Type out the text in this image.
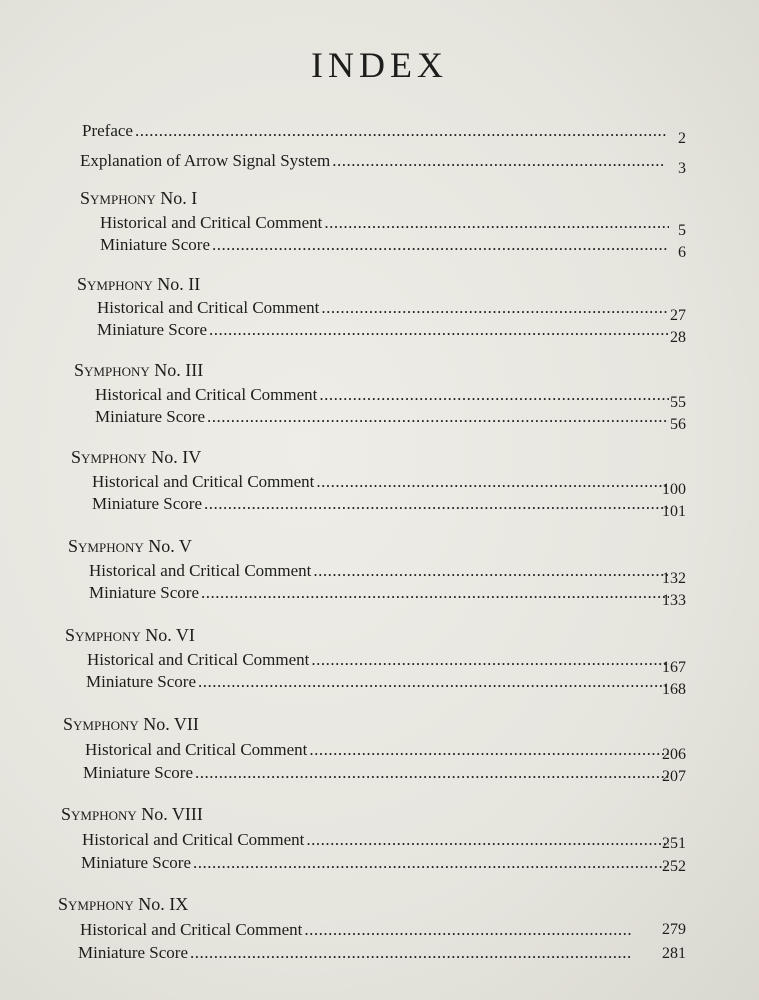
INDEX
Preface .....	2
Explanation of Arrow Signal System .....	3
Symphony No. I
Historical and Critical Comment .....	5
Miniature Score .....	6
Symphony No. II
Historical and Critical Comment .....	27
Miniature Score .....	28
Symphony No. III
Historical and Critical Comment .....	55
Miniature Score .....	56
Symphony No. IV
Historical and Critical Comment .....	100
Miniature Score .....	101
Symphony No. V
Historical and Critical Comment .....	132
Miniature Score .....	133
Symphony No. VI
Historical and Critical Comment .....	167
Miniature Score .....	168
Symphony No. VII
Historical and Critical Comment .....	206
Miniature Score .....	207
Symphony No. VIII
Historical and Critical Comment .....	251
Miniature Score .....	252
Symphony No. IX
Historical and Critical Comment .....	279
Miniature Score .....	281
